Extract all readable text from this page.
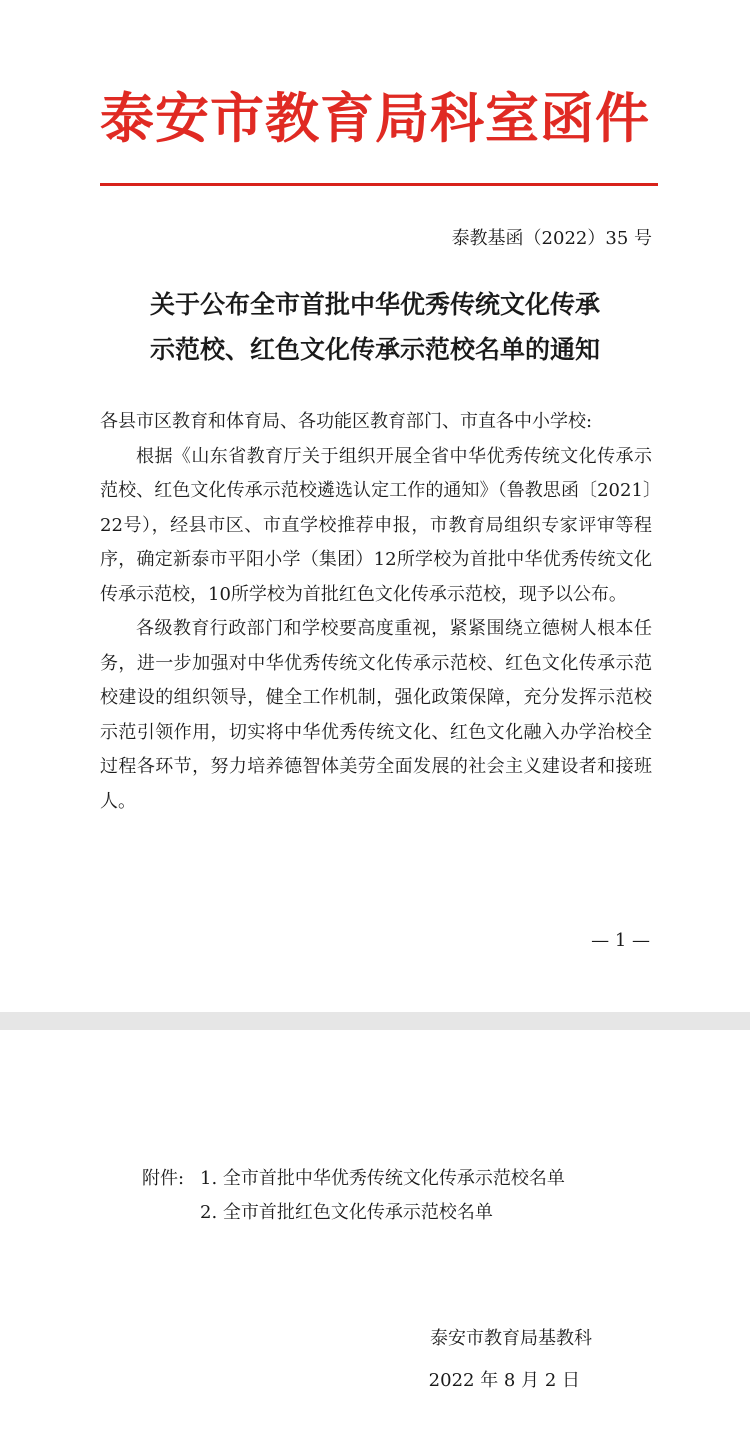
泰安市教育局科室函件
泰教基函（2022）35 号
关于公布全市首批中华优秀传统文化传承
示范校、红色文化传承示范校名单的通知

各县市区教育和体育局、各功能区教育部门、市直各中小学校:

根据《山东省教育厅关于组织开展全省中华优秀传统文化传承示范校、红色文化传承示范校遴选认定工作的通知》（鲁教思函〔2021〕22号），经县市区、市直学校推荐申报，市教育局组织专家评审等程序，确定新泰市平阳小学（集团）12所学校为首批中华优秀传统文化传承示范校，10所学校为首批红色文化传承示范校，现予以公布。

各级教育行政部门和学校要高度重视，紧紧围绕立德树人根本任务，进一步加强对中华优秀传统文化传承示范校、红色文化传承示范校建设的组织领导，健全工作机制，强化政策保障，充分发挥示范校示范引领作用，切实将中华优秀传统文化、红色文化融入办学治校全过程各环节，努力培养德智体美劳全面发展的社会主义建设者和接班人。

— 1 —
附件: 1. 全市首批中华优秀传统文化传承示范校名单
2. 全市首批红色文化传承示范校名单
泰安市教育局基教科
2022 年 8 月 2 日
